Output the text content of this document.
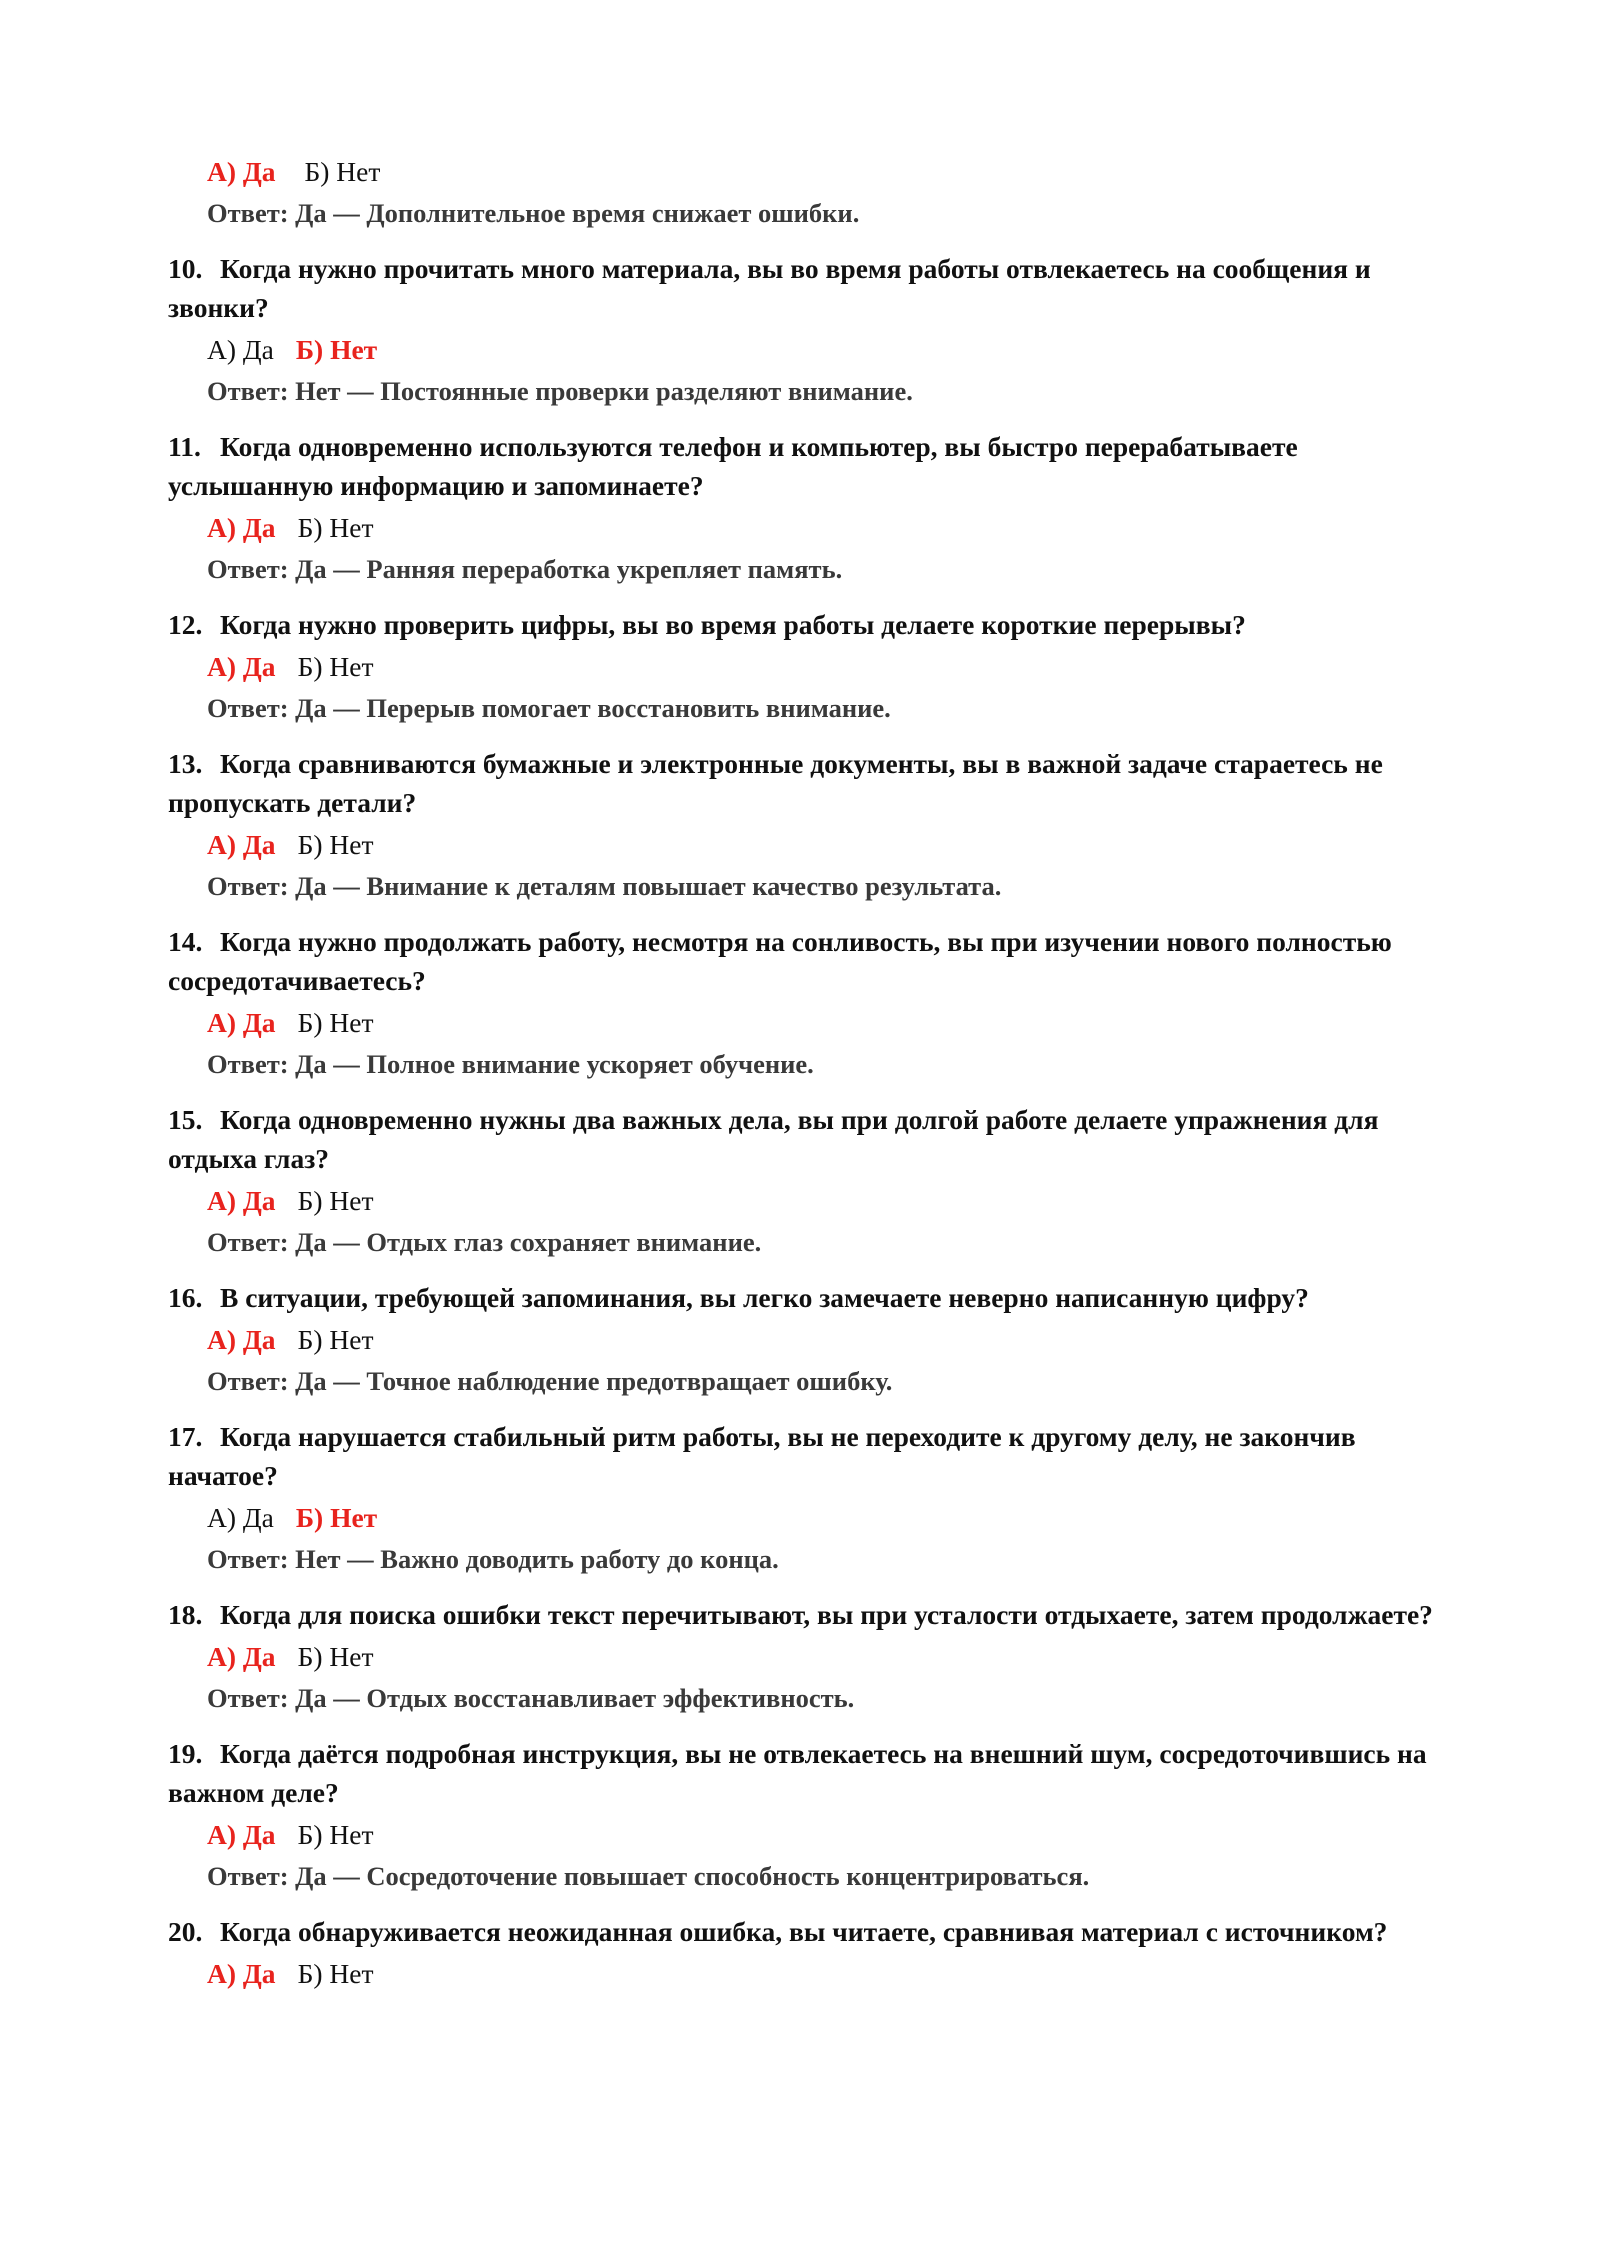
А) Да Б) Нет
Ответ: Да — Дополнительное время снижает ошибки.
10. Когда нужно прочитать много материала, вы во время работы отвлекаетесь на сообщения и звонки?
А) Да Б) Нет
Ответ: Нет — Постоянные проверки разделяют внимание.
11. Когда одновременно используются телефон и компьютер, вы быстро перерабатываете услышанную информацию и запоминаете?
А) Да Б) Нет
Ответ: Да — Ранняя переработка укрепляет память.
12. Когда нужно проверить цифры, вы во время работы делаете короткие перерывы?
А) Да Б) Нет
Ответ: Да — Перерыв помогает восстановить внимание.
13. Когда сравниваются бумажные и электронные документы, вы в важной задаче стараетесь не пропускать детали?
А) Да Б) Нет
Ответ: Да — Внимание к деталям повышает качество результата.
14. Когда нужно продолжать работу, несмотря на сонливость, вы при изучении нового полностью сосредотачиваетесь?
А) Да Б) Нет
Ответ: Да — Полное внимание ускоряет обучение.
15. Когда одновременно нужны два важных дела, вы при долгой работе делаете упражнения для отдыха глаз?
А) Да Б) Нет
Ответ: Да — Отдых глаз сохраняет внимание.
16. В ситуации, требующей запоминания, вы легко замечаете неверно написанную цифру?
А) Да Б) Нет
Ответ: Да — Точное наблюдение предотвращает ошибку.
17. Когда нарушается стабильный ритм работы, вы не переходите к другому делу, не закончив начатое?
А) Да Б) Нет
Ответ: Нет — Важно доводить работу до конца.
18. Когда для поиска ошибки текст перечитывают, вы при усталости отдыхаете, затем продолжаете?
А) Да Б) Нет
Ответ: Да — Отдых восстанавливает эффективность.
19. Когда даётся подробная инструкция, вы не отвлекаетесь на внешний шум, сосредоточившись на важном деле?
А) Да Б) Нет
Ответ: Да — Сосредоточение повышает способность концентрироваться.
20. Когда обнаруживается неожиданная ошибка, вы читаете, сравнивая материал с источником?
А) Да Б) Нет
